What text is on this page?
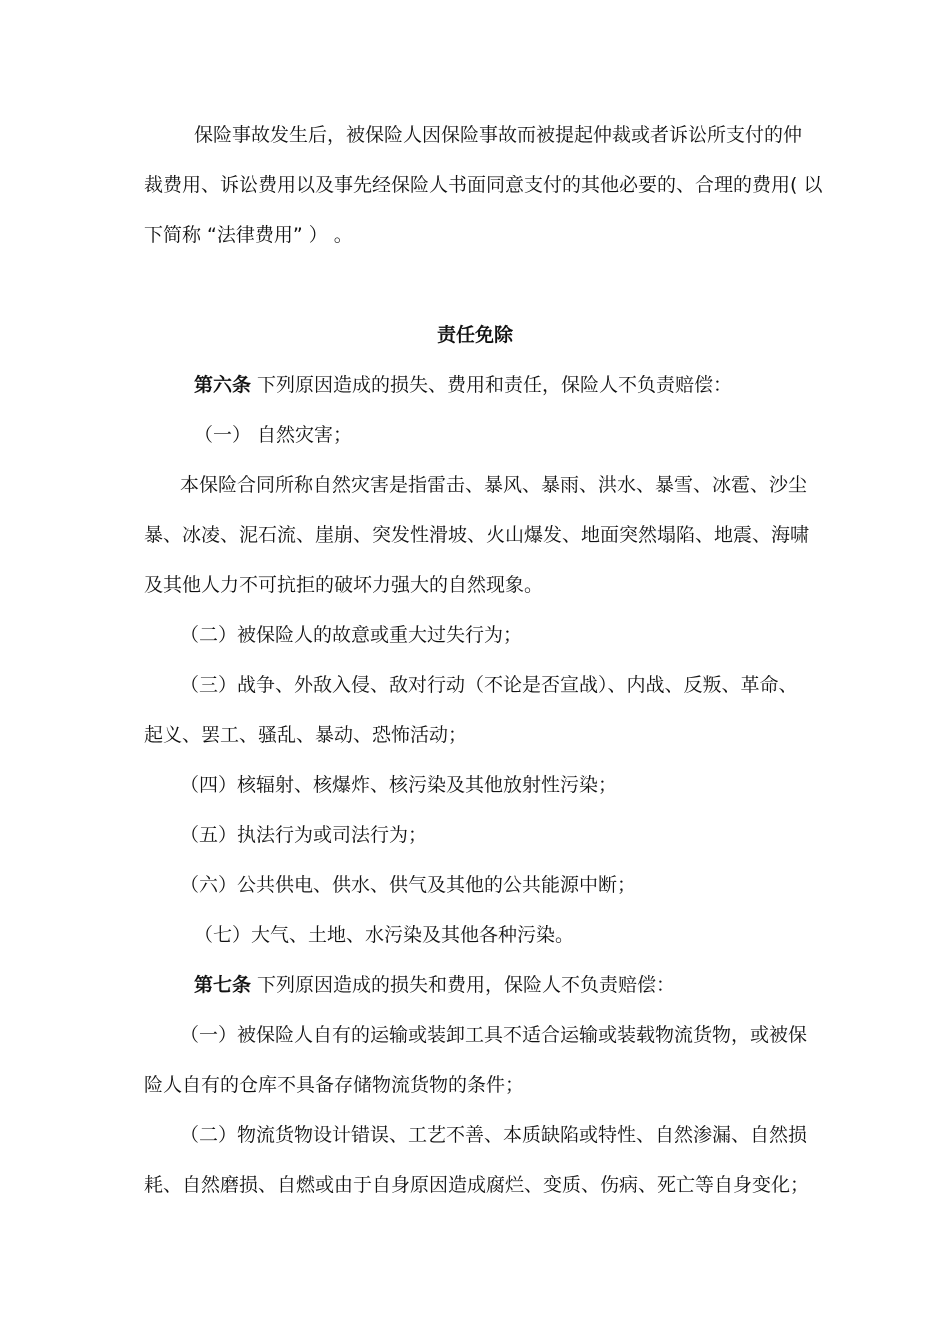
保险事故发生后，被保险人因保险事故而被提起仲裁或者诉讼所支付的仲
裁费用、诉讼费用以及事先经保险人书面同意支付的其他必要的、合理的费用( 以
下简称 “法律费用” ） 。
责任免除
第六条 下列原因造成的损失、费用和责任，保险人不负责赔偿：
（一） 自然灾害；
本保险合同所称自然灾害是指雷击、暴风、暴雨、洪水、暴雪、冰雹、沙尘
暴、冰凌、泥石流、崖崩、突发性滑坡、火山爆发、地面突然塌陷、地震、海啸
及其他人力不可抗拒的破坏力强大的自然现象。
（二）被保险人的故意或重大过失行为；
（三）战争、外敌入侵、敌对行动（不论是否宣战）、内战、反叛、革命、
起义、罢工、骚乱、暴动、恐怖活动；
（四）核辐射、核爆炸、核污染及其他放射性污染；
（五）执法行为或司法行为；
（六）公共供电、供水、供气及其他的公共能源中断；
（七）大气、土地、水污染及其他各种污染。
第七条 下列原因造成的损失和费用，保险人不负责赔偿：
（一）被保险人自有的运输或装卸工具不适合运输或装载物流货物，或被保
险人自有的仓库不具备存储物流货物的条件；
（二）物流货物设计错误、工艺不善、本质缺陷或特性、自然渗漏、自然损
耗、自然磨损、自燃或由于自身原因造成腐烂、变质、伤病、死亡等自身变化；
